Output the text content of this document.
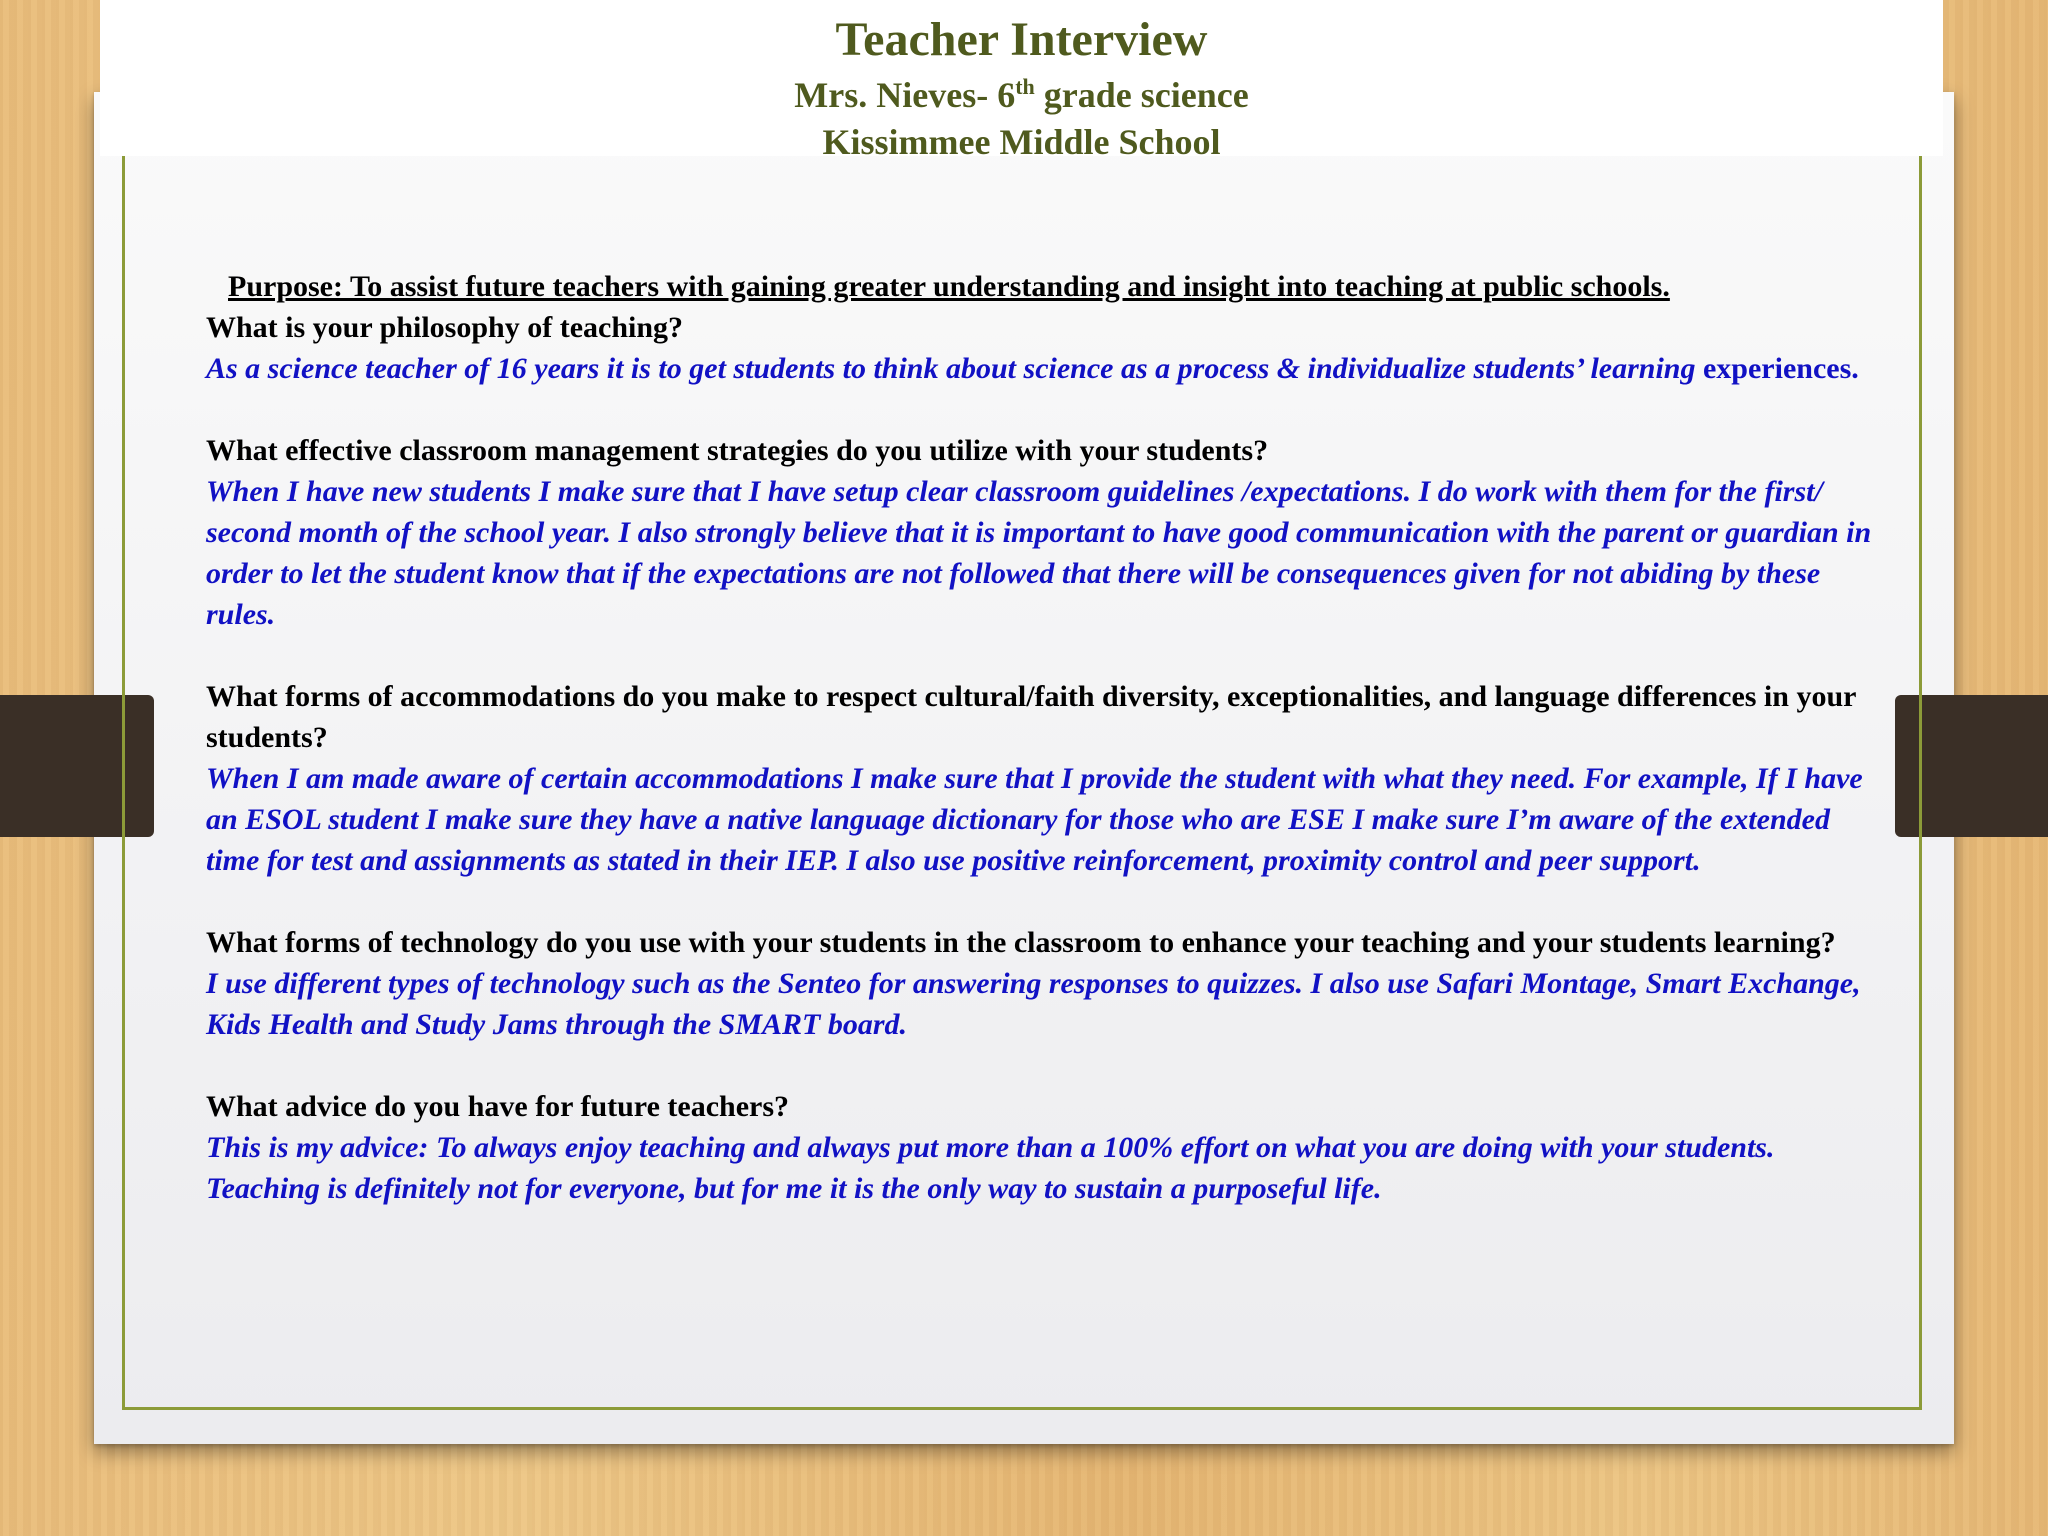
Teacher Interview

Mrs. Nieves- 6th grade science

Kissimmee Middle School

Purpose: To assist future teachers with gaining greater understanding and insight into teaching at public schools.

What is your philosophy of teaching?

As a science teacher of 16 years it is to get students to think about science as a process & individualize students’ learning experiences.

What effective classroom management strategies do you utilize with your students?

When I have new students I make sure that I have setup clear classroom guidelines /expectations. I do work with them for the first/ second month of the school year. I also strongly believe that it is important to have good communication with the parent or guardian in order to let the student know that if the expectations are not followed that there will be consequences given for not abiding by these rules.

What forms of accommodations do you make to respect cultural/faith diversity, exceptionalities, and language differences in your students?

When I am made aware of certain accommodations I make sure that I provide the student with what they need. For example, If I have an ESOL student I make sure they have a native language dictionary for those who are ESE I make sure I’m aware of the extended time for test and assignments as stated in their IEP. I also use positive reinforcement, proximity control and peer support.

What forms of technology do you use with your students in the classroom to enhance your teaching and your students learning?

I use different types of technology such as the Senteo for answering responses to quizzes. I also use Safari Montage, Smart Exchange, Kids Health and Study Jams through the SMART board.

What advice do you have for future teachers?

This is my advice: To always enjoy teaching and always put more than a 100% effort on what you are doing with your students. Teaching is definitely not for everyone, but for me it is the only way to sustain a purposeful life.
